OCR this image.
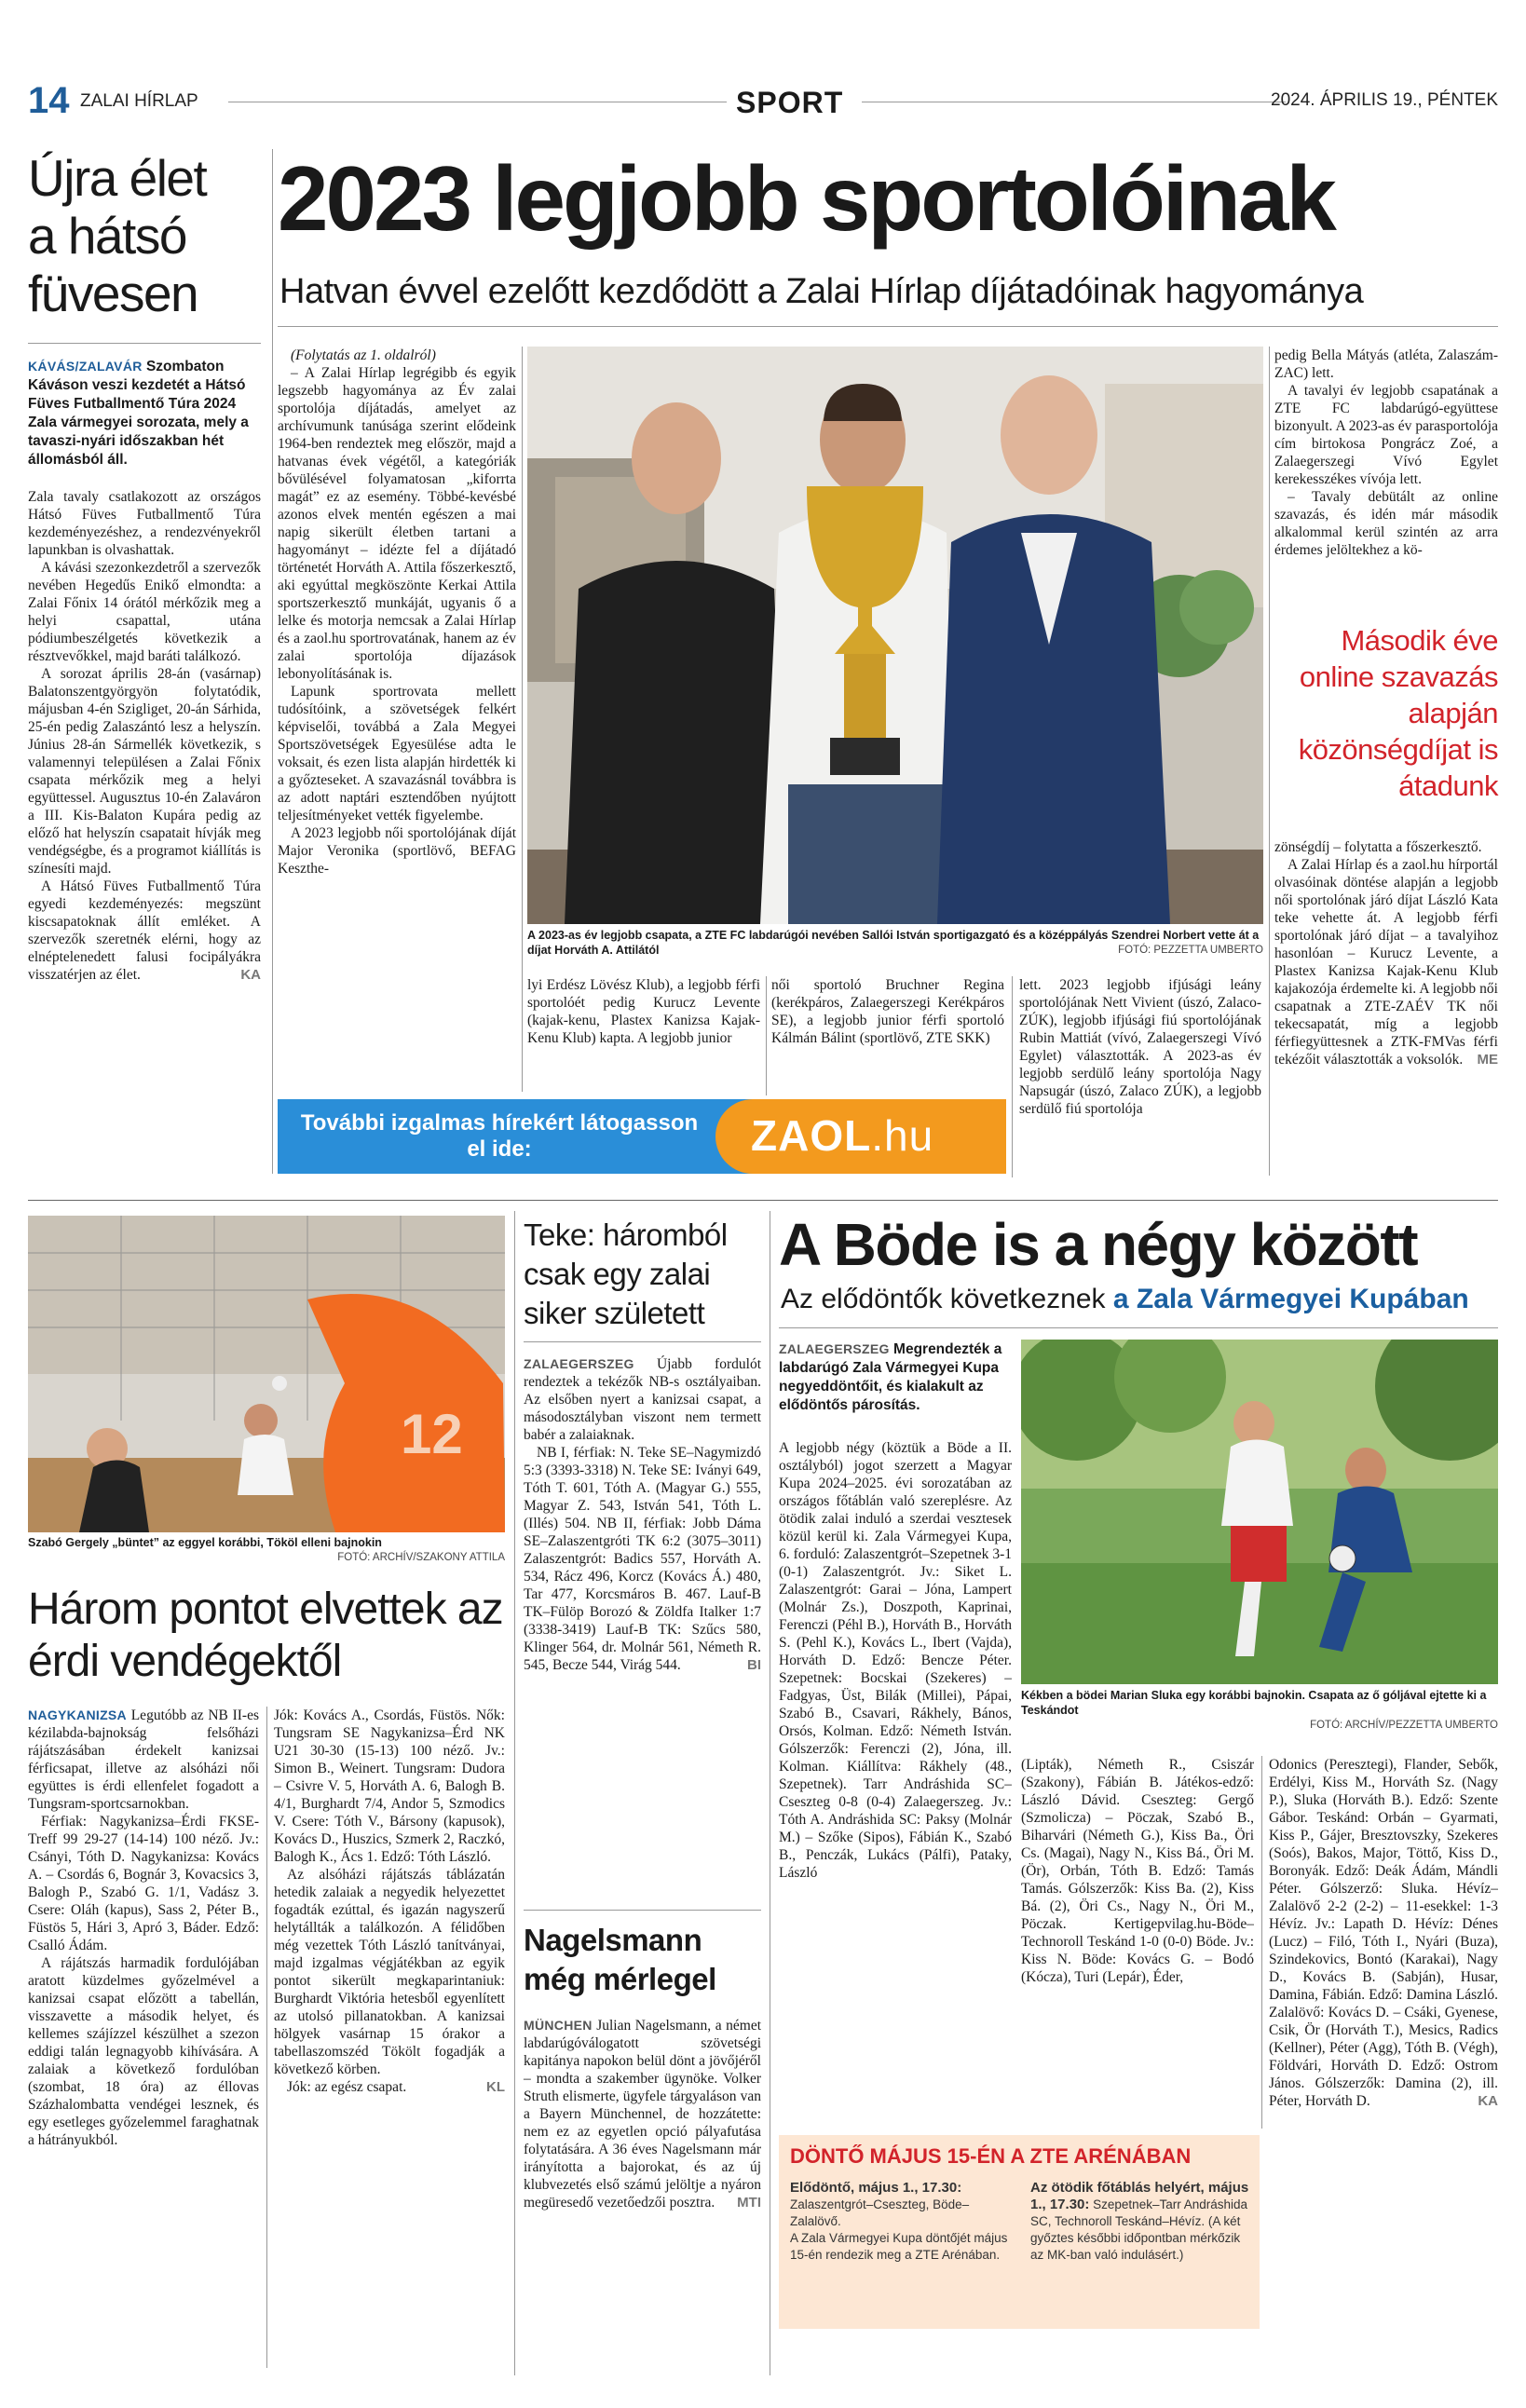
14 ZALAI HÍRLAP	SPORT	2024. ÁPRILIS 19., PÉNTEK
Újra élet
a hátsó
füvesen
KÁVÁS/ZALAVÁR Szombaton Káváson veszi kezdetét a Hátsó Füves Futballmentő Túra 2024 Zala vármegyei sorozata, mely a tavaszi-nyári időszakban hét állomásból áll.

Zala tavaly csatlakozott az országos Hátsó Füves Futballmentő Túra kezdeményezéshez, a rendezvényekről lapunkban is olvashattak.

A kávási szezonkezdetről a szervezők nevében Hegedűs Enikő elmondta: a Zalai Főnix 14 órától mérkőzik meg a helyi csapattal, utána pódiumbeszélgetés következik a résztvevőkkel, majd baráti találkozó.

A sorozat április 28-án (vasárnap) Balatonszentgyörgyön folytatódik, májusban 4-én Szigliget, 20-án Sárhida, 25-én pedig Zalaszántó lesz a helyszín. Június 28-án Sármellék következik, s valamennyi településen a Zalai Főnix csapata mérkőzik meg a helyi együttessel. Augusztus 10-én Zalaváron a III. Kis-Balaton Kupára pedig az előző hat helyszín csapatait hívják meg vendégségbe, és a programot kiállítás is színesíti majd.

A Hátsó Füves Futballmentő Túra egyedi kezdeményezés: megszünt kiscsapatoknak állít emléket. A szervezők szeretnék elérni, hogy az elnéptelenedett falusi focipályákra visszatérjen az élet.	KA

2023 legjobb sportolóinak
Hatvan évvel ezelőtt kezdődött a Zalai Hírlap díjátadóinak hagyománya

(Folytatás az 1. oldalról)

– A Zalai Hírlap legrégibb és egyik legszebb hagyománya az Év zalai sportolója díjátadás, amelyet az archívumunk tanúsága szerint elődeink 1964-ben rendeztek meg először, majd a hatvanas évek végétől, a kategóriák bővülésével folyamatosan „kiforrta magát” ez az esemény. Többé-kevésbé azonos elvek mentén egészen a mai napig sikerült életben tartani a hagyományt – idézte fel a díjátadó történetét Horváth A. Attila főszerkesztő, aki egyúttal megköszönte Kerkai Attila sportszerkesztő munkáját, ugyanis ő a lelke és motorja nemcsak a Zalai Hírlap és a zaol.hu sportrovatának, hanem az év zalai sportolója díjazások lebonyolításának is.

Lapunk sportrovata mellett tudósítóink, a szövetségek felkért képviselői, továbbá a Zala Megyei Sportszövetségek Egyesülése adta le voksait, és ezen lista alapján hirdették ki a győzteseket. A szavazásnál továbbra is az adott naptári esztendőben nyújtott teljesítményeket vették figyelembe.

A 2023 legjobb női sportolójának díját Major Veronika (sportlövő, BEFAG Keszthe-

A 2023-as év legjobb csapata, a ZTE FC labdarúgói nevében Sallói István sportigazgató és a középpályás Szendrei Norbert vette át a díjat Horváth A. Attilától	FOTÓ: PEZZETTA UMBERTO
lyi Erdész Lövész Klub), a legjobb férfi sportolóét pedig Kurucz Levente (kajak-kenu, Plastex Kanizsa Kajak-Kenu Klub) kapta. A legjobb junior
női sportoló Bruchner Regina (kerékpáros, Zalaegerszegi Kerékpáros SE), a legjobb junior férfi sportoló Kálmán Bálint (sportlövő, ZTE SKK)
lett. 2023 legjobb ifjúsági leány sportolójának Nett Vivient (úszó, Zalaco-ZÚK), legjobb ifjúsági fiú sportolójának Rubin Mattiát (vívó, Zalaegerszegi Vívó Egylet) választották. A 2023-as év legjobb serdülő leány sportolója Nagy Napsugár (úszó, Zalaco ZÚK), a legjobb serdülő fiú sportolója
További izgalmas hírekért látogasson el ide:	ZAOL.hu

pedig Bella Mátyás (atléta, Zalaszám-ZAC) lett.

A tavalyi év legjobb csapatának a ZTE FC labdarúgó-együttese bizonyult. A 2023-as év parasportolója cím birtokosa Pongrácz Zoé, a Zalaegerszegi Vívó Egylet kerekesszékes vívója lett.

– Tavaly debütált az online szavazás, és idén már második alkalommal kerül szintén az arra érdemes jelöltekhez a kö-

Második éve online szavazás alapján közönségdíjat is átadunk

zönségdíj – folytatta a főszerkesztő.

A Zalai Hírlap és a zaol.hu hírportál olvasóinak döntése alapján a legjobb női sportolónak járó díjat László Kata teke vehette át. A legjobb férfi sportolónak járó díjat – a tavalyihoz hasonlóan – Kurucz Levente, a Plastex Kanizsa Kajak-Kenu Klub kajakozója érdemelte ki. A legjobb női csapatnak a ZTE-ZAÉV TK női tekecsapatát, míg a legjobb férfiegyüttesnek a ZTK-FMVas férfi tekézőit választották a voksolók.	ME

12
Szabó Gergely „büntet” az eggyel korábbi, Tököl elleni bajnokin
FOTÓ: ARCHÍV/SZAKONY ATTILA
Három pontot elvettek az érdi vendégektől

NAGYKANIZSA Legutóbb az NB II-es kézilabda-bajnokság felsőházi rájátszásában érdekelt kanizsai férficsapat, illetve az alsóházi női együttes is érdi ellenfelet fogadott a Tungsram-sportcsarnokban.

Férfiak: Nagykanizsa–Érdi FKSE-Treff 99 29-27 (14-14) 100 néző. Jv.: Csányi, Tóth D. Nagykanizsa: Kovács A. – Csordás 6, Bognár 3, Kovacsics 3, Balogh P., Szabó G. 1/1, Vadász 3. Csere: Oláh (kapus), Sass 2, Péter B., Füstös 5, Hári 3, Apró 3, Báder. Edző: Csalló Ádám.

A rájátszás harmadik fordulójában aratott küzdelmes győzelmével a kanizsai csapat előzött a tabellán, visszavette a második helyet, és kellemes szájízzel készülhet a szezon eddigi talán legnagyobb kihívására. A zalaiak a következő fordulóban (szombat, 18 óra) az éllovas Százhalombatta vendégei lesznek, és egy esetleges győzelemmel faraghatnak a hátrányukból.

Jók: Kovács A., Csordás, Füstös. Nők: Tungsram SE Nagykanizsa–Érd NK U21 30-30 (15-13) 100 néző. Jv.: Simon B., Weinert. Tungsram: Dudora – Csivre V. 5, Horváth A. 6, Balogh B. 4/1, Burghardt 7/4, Andor 5, Szmodics V. Csere: Tóth V., Bársony (kapusok), Kovács D., Huszics, Szmerk 2, Raczkó, Balogh K., Ács 1. Edző: Tóth László.

Az alsóházi rájátszás táblázatán hetedik zalaiak a negyedik helyezettet fogadták ezúttal, és igazán nagyszerű helytállták a találkozón. A félidőben még vezettek Tóth László tanítványai, majd izgalmas végjátékban az egyik pontot sikerült megkaparintaniuk: Burghardt Viktória hetesből egyenlített az utolsó pillanatokban. A kanizsai hölgyek vasárnap 15 órakor a tabellaszomszéd Tökölt fogadják a következő körben.

Jók: az egész csapat.	KL

Teke: háromból csak egy zalai siker született

ZALAEGERSZEG Újabb fordulót rendeztek a tekézők NB-s osztályaiban. Az elsőben nyert a kanizsai csapat, a másodosztályban viszont nem termett babér a zalaiaknak.

NB I, férfiak: N. Teke SE–Nagymizdó 5:3 (3393-3318) N. Teke SE: Iványi 649, Tóth T. 601, Tóth A. (Magyar G.) 555, Magyar Z. 543, István 541, Tóth L. (Illés) 504. NB II, férfiak: Jobb Dáma SE–Zalaszentgróti TK 6:2 (3075–3011) Zalaszentgrót: Badics 557, Horváth A. 534, Rácz 496, Korcz (Kovács Á.) 480, Tar 477, Korcsmáros B. 467. Lauf-B TK–Fülöp Borozó & Zöldfa Italker 1:7 (3338-3419) Lauf-B TK: Szűcs 580, Klinger 564, dr. Molnár 561, Németh R. 545, Becze 544, Virág 544.	BI

Nagelsmann még mérlegel

MÜNCHEN Julian Nagelsmann, a német labdarúgóválogatott szövetségi kapitánya napokon belül dönt a jövőjéről – mondta a szakember ügynöke. Volker Struth elismerte, ügyfele tárgyaláson van a Bayern Münchennel, de hozzátette: nem ez az egyetlen opció pályafutása folytatására. A 36 éves Nagelsmann már irányította a bajorokat, és az új klubvezetés első számú jelöltje a nyáron megüresedő vezetőedzői posztra. MTI

A Böde is a négy között
Az elődöntők következnek a Zala Vármegyei Kupában
ZALAEGERSZEG Megrendezték a labdarúgó Zala Vármegyei Kupa negyeddöntőit, és kialakult az elődöntős párosítás.
A legjobb négy (köztük a Böde a II. osztályból) jogot szerzett a Magyar Kupa 2024–2025. évi sorozatában az országos főtáblán való szereplésre. Az ötödik zalai induló a szerdai vesztesek közül kerül ki. Zala Vármegyei Kupa, 6. forduló: Zalaszentgrót–Szepetnek 3-1 (0-1) Zalaszentgrót. Jv.: Siket L. Zalaszentgrót: Garai – Jóna, Lampert (Molnár Zs.), Doszpoth, Kaprinai, Ferenczi (Péhl B.), Horváth B., Horváth S. (Pehl K.), Kovács L., Ibert (Vajda), Horváth D. Edző: Bencze Péter. Szepetnek: Bocskai (Szekeres) – Fadgyas, Üst, Bilák (Millei), Pápai, Szabó B., Csavari, Rákhely, Bános, Orsós, Kolman. Edző: Németh István. Gólszerzők: Ferenczi (2), Jóna, ill. Kolman. Kiállítva: Rákhely (48., Szepetnek). Tarr Andráshida SC–Cseszteg 0-8 (0-4) Zalaegerszeg. Jv.: Tóth A. Andráshida SC: Paksy (Molnár M.) – Szőke (Sipos), Fábián K., Szabó B., Penczák, Lukács (Pálfi), Pataky, László
Kékben a bödei Marian Sluka egy korábbi bajnokin. Csapata az ő góljával ejtette ki a Teskándot
FOTÓ: ARCHÍV/PEZZETTA UMBERTO
(Lipták), Németh R., Csiszár (Szakony), Fábián B. Játékos-edző: László Dávid. Cseszteg: Gergő (Szmolicza) – Pöczak, Szabó B., Biharvári (Németh G.), Kiss Ba., Öri Cs. (Magai), Nagy N., Kiss Bá., Öri M. (Ör), Orbán, Tóth B. Edző: Tamás Tamás. Gólszerzők: Kiss Ba. (2), Kiss Bá. (2), Öri Cs., Nagy N., Öri M., Pöczak. Kertigepvilag.hu-Böde–Technoroll Teskánd 1-0 (0-0) Böde. Jv.: Kiss N. Böde: Kovács G. – Bodó (Kócza), Turi (Lepár), Éder,

Odonics (Peresztegi), Flander, Sebők, Erdélyi, Kiss M., Horváth Sz. (Nagy P.), Sluka (Horváth B.). Edző: Szente Gábor. Teskánd: Orbán – Gyarmati, Kiss P., Gájer, Bresztovszky, Szekeres (Soós), Bakos, Major, Töttő, Kiss D., Boronyák. Edző: Deák Ádám, Mándli Péter. Gólszerző: Sluka. Hévíz–Zalalövő 2-2 (2-2) – 11-esekkel: 1-3 Hévíz. Jv.: Lapath D. Hévíz: Dénes (Lucz) – Filó, Tóth I., Nyári (Buza), Szindekovics, Bontó (Karakai), Nagy D., Kovács B. (Sabján), Husar, Damina, Fábián. Edző: Damina László. Zalalövő: Kovács D. – Csáki, Gyenese, Csik, Ör (Horváth T.), Mesics, Radics (Kellner), Péter (Agg), Tóth B. (Végh), Földvári, Horváth D. Edző: Ostrom János. Gólszerzők: Damina (2), ill. Péter, Horváth D.	KA

DÖNTŐ MÁJUS 15-ÉN A ZTE ARÉNÁBAN
Elődöntő, május 1., 17.30:
Zalaszentgrót–Cseszteg, Böde–Zalalövő.
A Zala Vármegyei Kupa döntőjét május 15-én rendezik meg a ZTE Arénában.
Az ötödik főtáblás helyért, május 1., 17.30: Szepetnek–Tarr Andráshida SC, Technoroll Teskánd–Hévíz. (A két győztes későbbi időpontban mérkőzik az MK-ban való indulásért.)
